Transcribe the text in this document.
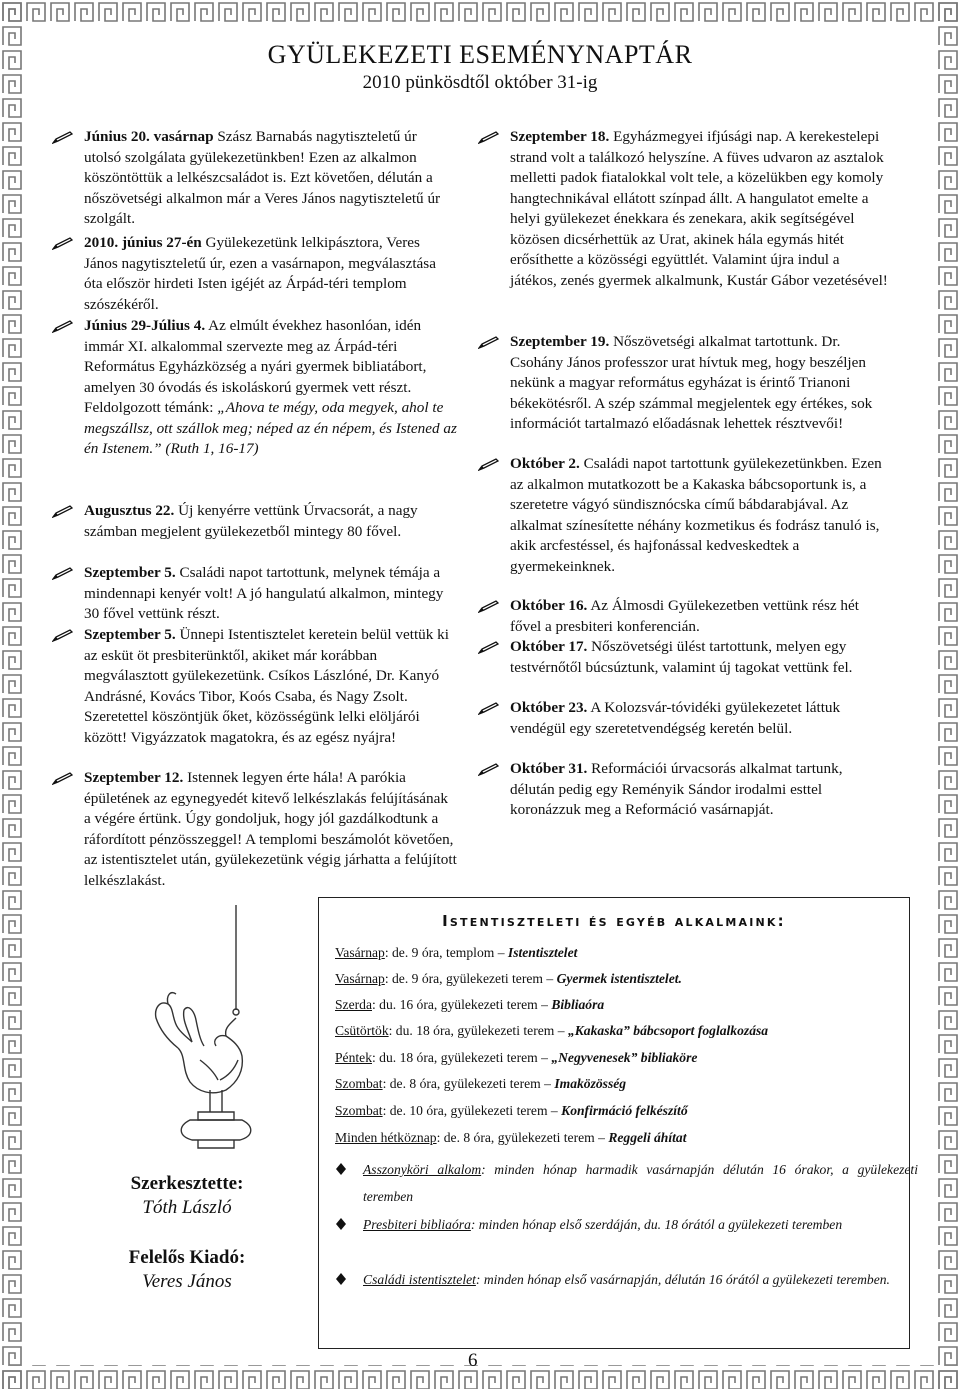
GYÜLEKEZETI ESEMÉNYNAPTÁR
2010 pünkösdtől október 31-ig

Június 20. vasárnap Szász Barnabás nagytiszteletű úr utolsó szolgálata gyülekezetünkben! Ezen az alkalmon köszöntöttük a lelkészcsaládot is. Ezt követően, délután a nőszövetségi alkalmon már a Veres János nagytiszteletű úr szolgált.

2010. június 27-én Gyülekezetünk lelkipásztora, Veres János nagytiszteletű úr, ezen a vasárnapon, megválasztása óta először hirdeti Isten igéjét az Árpád-téri templom szószékéről.

Június 29-Július 4. Az elmúlt évekhez hasonlóan, idén immár XI. alkalommal szervezte meg az Árpád-téri Református Egyházközség a nyári gyermek bibliatábort, amelyen 30 óvodás és iskoláskorú gyermek vett részt. Feldolgozott témánk: „Ahova te mégy, oda megyek, ahol te megszállsz, ott szállok meg; néped az én népem, és Istened az én Istenem.” (Ruth 1, 16-17)

Augusztus 22. Új kenyérre vettünk Úrvacsorát, a nagy számban megjelent gyülekezetből mintegy 80 fővel.

Szeptember 5. Családi napot tartottunk, melynek témája a mindennapi kenyér volt! A jó hangulatú alkalmon, mintegy 30 fővel vettünk részt.

Szeptember 5. Ünnepi Istentisztelet keretein belül vettük ki az esküt öt presbiterünktől, akiket már korábban megválasztott gyülekezetünk. Csíkos Lászlóné, Dr. Kanyó Andrásné, Kovács Tibor, Koós Csaba, és Nagy Zsolt. Szeretettel köszöntjük őket, közösségünk lelki elöljárói között! Vigyázzatok magatokra, és az egész nyájra!

Szeptember 12. Istennek legyen érte hála! A parókia épületének az egynegyedét kitevő lelkészlakás felújításának a végére értünk. Úgy gondoljuk, hogy jól gazdálkodtunk a ráfordított pénzösszeggel! A templomi beszámolót követően, az istentisztelet után, gyülekezetünk végig járhatta a felújított lelkészlakást.

Szeptember 18. Egyházmegyei ifjúsági nap. A kerekestelepi strand volt a találkozó helyszíne. A füves udvaron az asztalok melletti padok fiatalokkal volt tele, a közelükben egy komoly hangtechnikával ellátott színpad állt. A hangulatot emelte a helyi gyülekezet énekkara és zenekara, akik segítségével közösen dicsérhettük az Urat, akinek hála egymás hitét erősíthette a közösségi együttlét. Valamint újra indul a játékos, zenés gyermek alkalmunk, Kustár Gábor vezetésével!

Szeptember 19. Nőszövetségi alkalmat tartottunk. Dr. Csohány János professzor urat hívtuk meg, hogy beszéljen nekünk a magyar református egyházat is érintő Trianoni békekötésről. A szép számmal megjelentek egy értékes, sok információt tartalmazó előadásnak lehettek résztvevői!

Október 2. Családi napot tartottunk gyülekezetünkben. Ezen az alkalmon mutatkozott be a Kakaska bábcsoportunk is, a szeretetre vágyó sündisznócska című bábdarabjával. Az alkalmat színesítette néhány kozmetikus és fodrász tanuló is, akik arcfestéssel, és hajfonással kedveskedtek a gyermekeinknek.

Október 16. Az Álmosdi Gyülekezetben vettünk rész hét fővel a presbiteri konferencián.

Október 17. Nőszövetségi ülést tartottunk, melyen egy testvérnőtől búcsúztunk, valamint új tagokat vettünk fel.

Október 23. A Kolozsvár-tóvidéki gyülekezetet láttuk vendégül egy szeretetvendégség keretén belül.

Október 31. Reformációi úrvacsorás alkalmat tartunk, délután pedig egy Reményik Sándor irodalmi esttel koronázzuk meg a Reformáció vasárnapját.

Szerkesztette:
Tóth László
Felelős Kiadó:
Veres János
Istentiszteleti és egyéb alkalmaink:
Vasárnap: de. 9 óra, templom – Istentisztelet
Vasárnap: de. 9 óra, gyülekezeti terem – Gyermek istentisztelet.
Szerda: du. 16 óra, gyülekezeti terem – Bibliaóra
Csütörtök: du. 18 óra, gyülekezeti terem – „Kakaska” bábcsoport foglalkozása
Péntek: du. 18 óra, gyülekezeti terem – „Negyvenesek” bibliaköre
Szombat: de. 8 óra, gyülekezeti terem – Imaközösség
Szombat: de. 10 óra, gyülekezeti terem – Konfirmáció felkészítő
Minden hétköznap: de. 8 óra, gyülekezeti terem – Reggeli áhítat
Asszonyköri alkalom: minden hónap harmadik vasárnapján délután 16 órakor, a gyülekezeti teremben
Presbiteri bibliaóra: minden hónap első szerdáján, du. 18 órától a gyülekezeti teremben
Családi istentisztelet: minden hónap első vasárnapján, délután 16 órától a gyülekezeti teremben.
6
